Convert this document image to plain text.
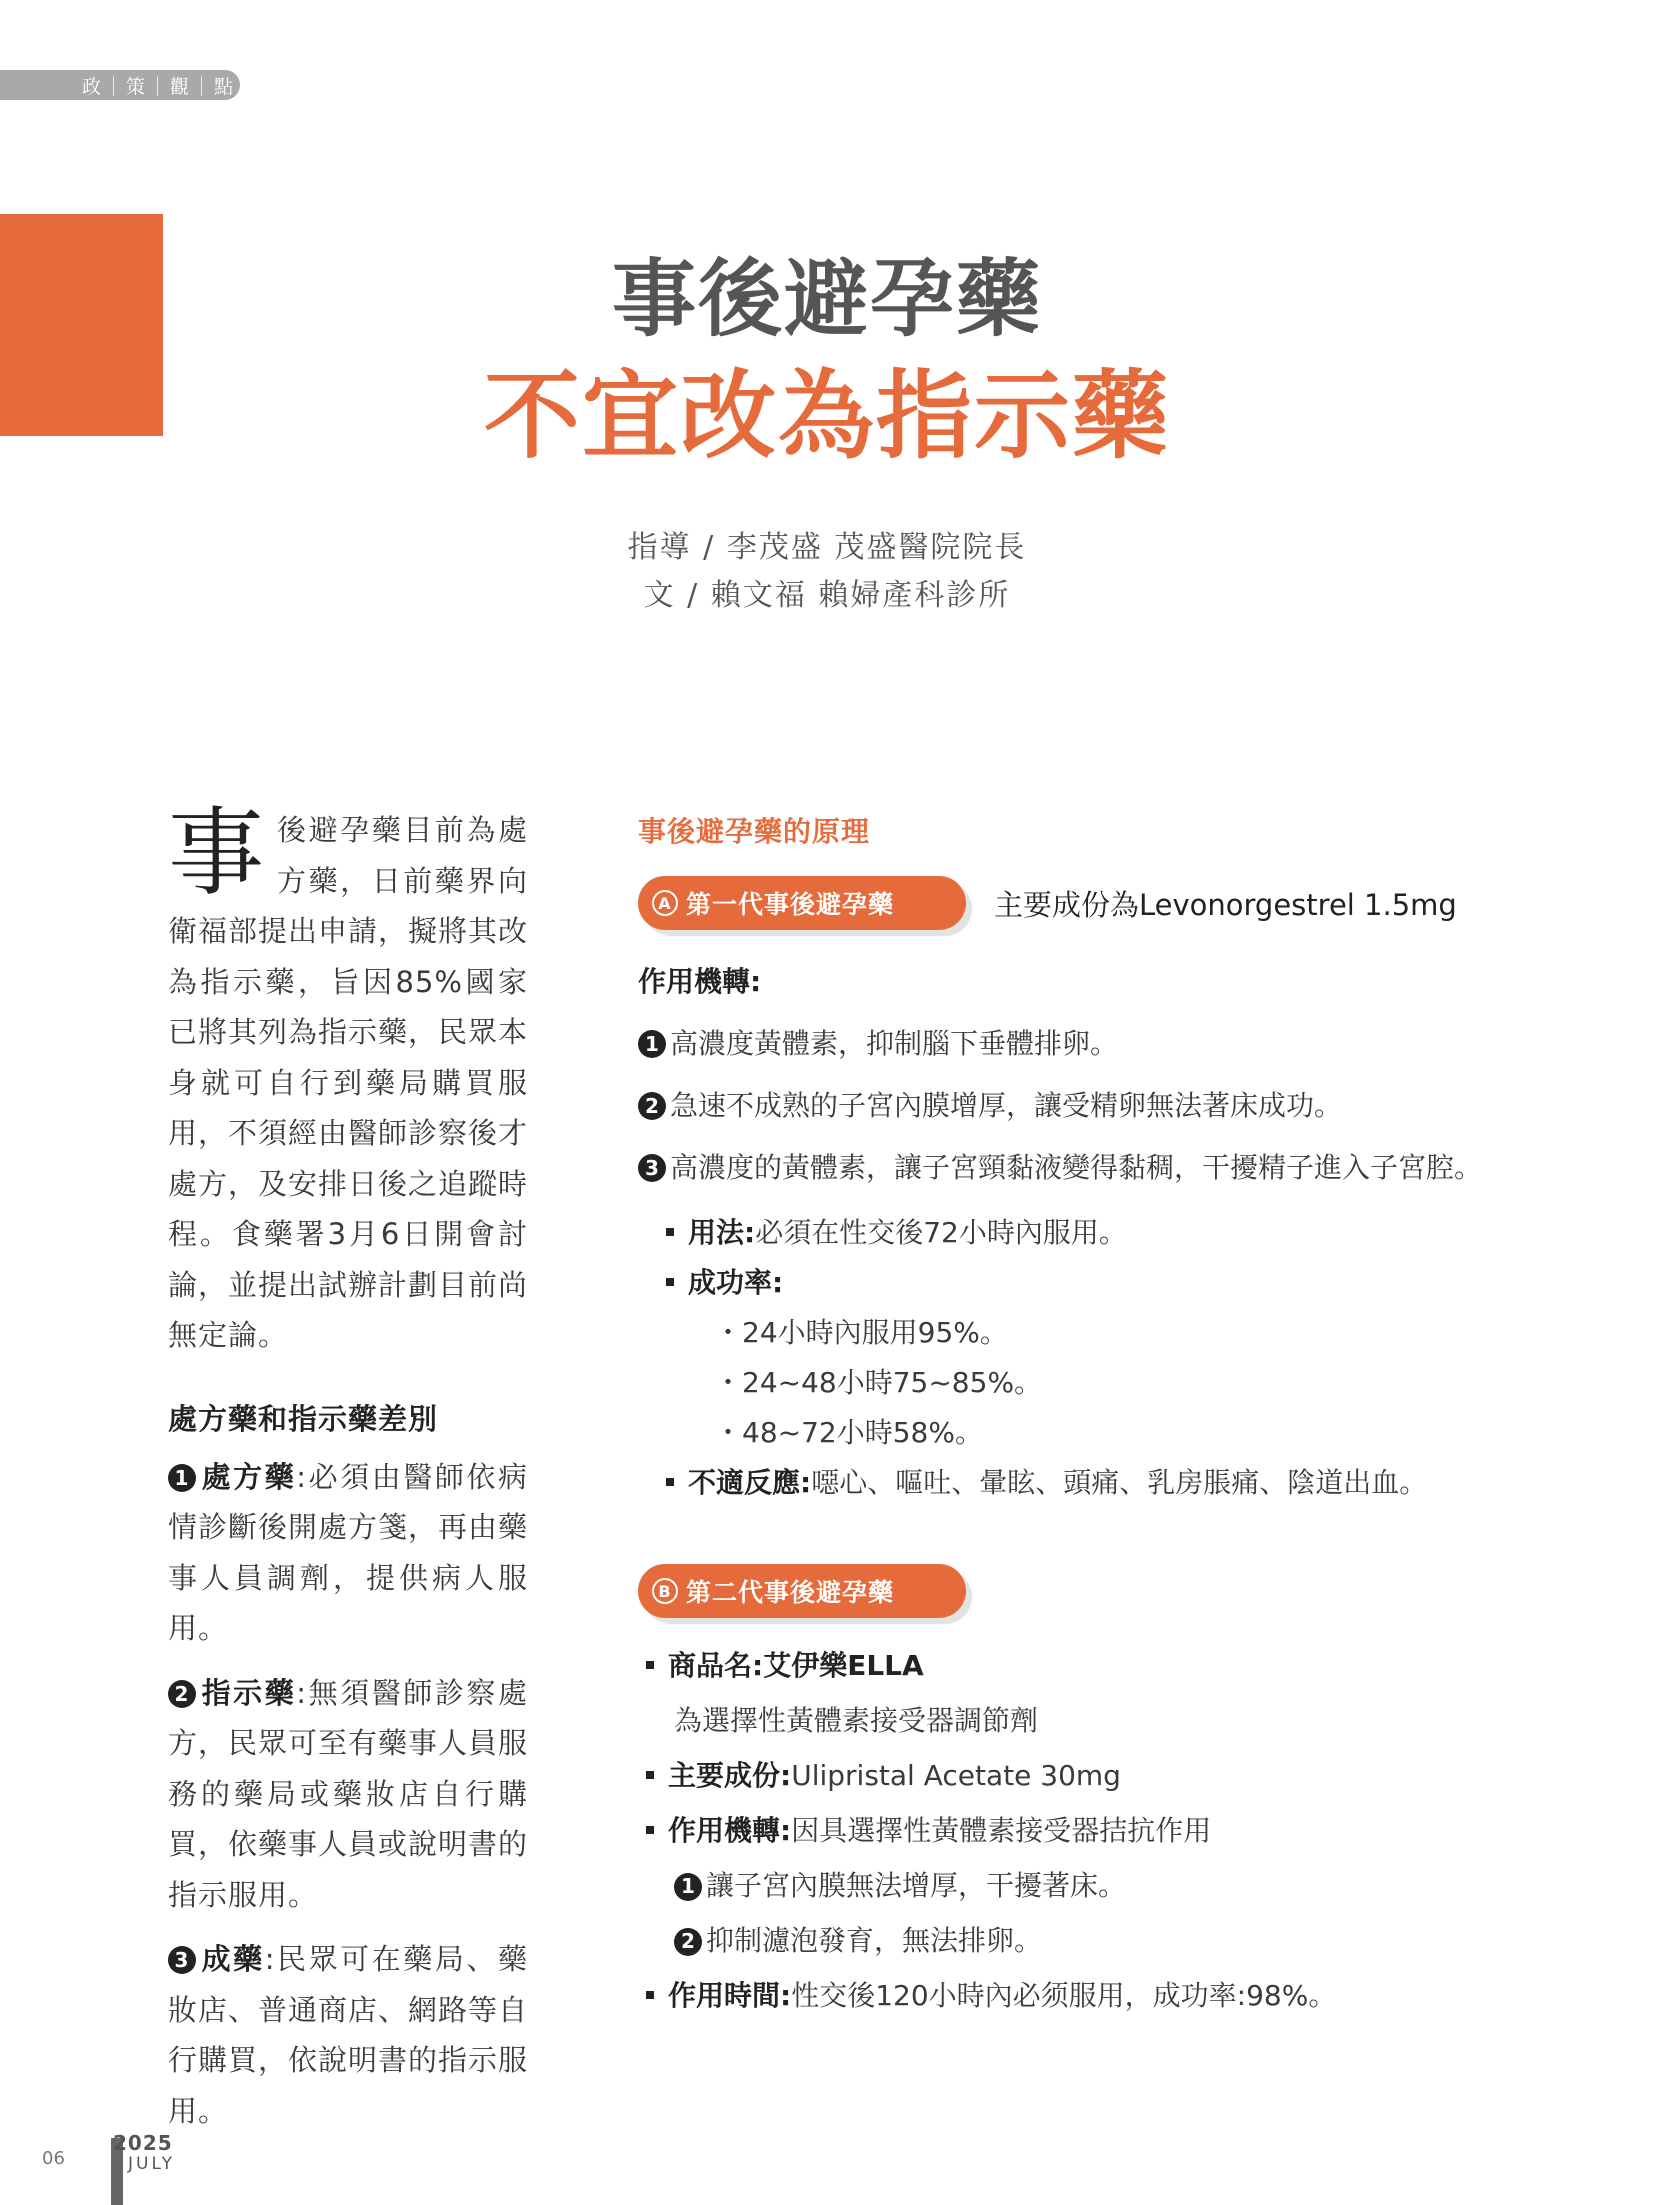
政｜策｜觀｜點
事後避孕藥
不宜改為指示藥
指導 / 李茂盛 茂盛醫院院長
文 / 賴文福 賴婦產科診所
事後避孕藥目前為處方藥，日前藥界向衛福部提出申請，擬將其改為指示藥，旨因85%國家已將其列為指示藥，民眾本身就可自行到藥局購買服用，不須經由醫師診察後才處方，及安排日後之追蹤時程。食藥署3月6日開會討論，並提出試辦計劃目前尚無定論。
處方藥和指示藥差別
1 處方藥:必須由醫師依病情診斷後開處方箋，再由藥事人員調劑，提供病人服用。
2 指示藥:無須醫師診察處方，民眾可至有藥事人員服務的藥局或藥妝店自行購買，依藥事人員或說明書的指示服用。
3 成藥:民眾可在藥局、藥妝店、普通商店、網路等自行購買，依說明書的指示服用。
事後避孕藥的原理
A 第一代事後避孕藥	主要成份為Levonorgestrel 1.5mg
作用機轉:
1 高濃度黃體素，抑制腦下垂體排卵。
2 急速不成熟的子宮內膜增厚，讓受精卵無法著床成功。
3 高濃度的黃體素，讓子宮頸黏液變得黏稠，干擾精子進入子宮腔。
用法:必須在性交後72小時內服用。
成功率:
・24小時內服用95%。
・24~48小時75~85%。
・48~72小時58%。
不適反應:噁心、嘔吐、暈眩、頭痛、乳房脹痛、陰道出血。
B 第二代事後避孕藥
商品名:艾伊樂ELLA
為選擇性黃體素接受器調節劑
主要成份:Ulipristal Acetate 30mg
作用機轉:因具選擇性黃體素接受器拮抗作用
1 讓子宮內膜無法增厚，干擾著床。
2 抑制濾泡發育，無法排卵。
作用時間:性交後120小時內必须服用，成功率:98%。
06
2025
JULY
